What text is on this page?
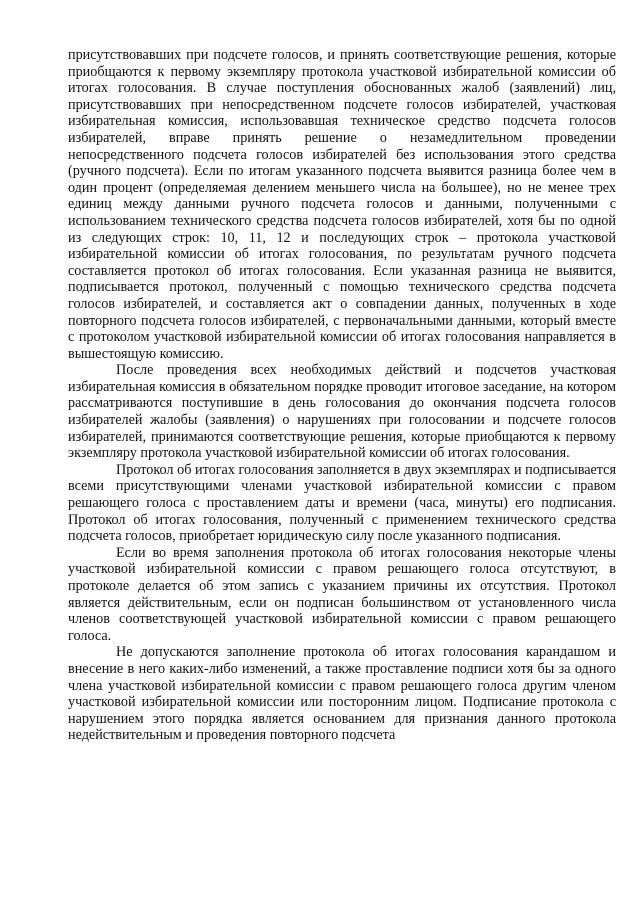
присутствовавших при подсчете голосов, и принять соответствующие решения, которые приобщаются к первому экземпляру протокола участковой избирательной комиссии об итогах голосования. В случае поступления обоснованных жалоб (заявлений) лиц, присутствовавших при непосредственном подсчете голосов избирателей, участковая избирательная комиссия, использовавшая техническое средство подсчета голосов избирателей, вправе принять решение о незамедлительном проведении непосредственного подсчета голосов избирателей без использования этого средства (ручного подсчета). Если по итогам указанного подсчета выявится разница более чем в один процент (определяемая делением меньшего числа на большее), но не менее трех единиц между данными ручного подсчета голосов и данными, полученными с использованием технического средства подсчета голосов избирателей, хотя бы по одной из следующих строк: 10, 11, 12 и последующих строк – протокола участковой избирательной комиссии об итогах голосования, по результатам ручного подсчета составляется протокол об итогах голосования. Если указанная разница не выявится, подписывается протокол, полученный с помощью технического средства подсчета голосов избирателей, и составляется акт о совпадении данных, полученных в ходе повторного подсчета голосов избирателей, с первоначальными данными, который вместе с протоколом участковой избирательной комиссии об итогах голосования направляется в вышестоящую комиссию.

После проведения всех необходимых действий и подсчетов участковая избирательная комиссия в обязательном порядке проводит итоговое заседание, на котором рассматриваются поступившие в день голосования до окончания подсчета голосов избирателей жалобы (заявления) о нарушениях при голосовании и подсчете голосов избирателей, принимаются соответствующие решения, которые приобщаются к первому экземпляру протокола участковой избирательной комиссии об итогах голосования.

Протокол об итогах голосования заполняется в двух экземплярах и подписывается всеми присутствующими членами участковой избирательной комиссии с правом решающего голоса с проставлением даты и времени (часа, минуты) его подписания. Протокол об итогах голосования, полученный с применением технического средства подсчета голосов, приобретает юридическую силу после указанного подписания.

Если во время заполнения протокола об итогах голосования некоторые члены участковой избирательной комиссии с правом решающего голоса отсутствуют, в протоколе делается об этом запись с указанием причины их отсутствия. Протокол является действительным, если он подписан большинством от установленного числа членов соответствующей участковой избирательной комиссии с правом решающего голоса.

Не допускаются заполнение протокола об итогах голосования карандашом и внесение в него каких-либо изменений, а также проставление подписи хотя бы за одного члена участковой избирательной комиссии с правом решающего голоса другим членом участковой избирательной комиссии или посторонним лицом. Подписание протокола с нарушением этого порядка является основанием для признания данного протокола недействительным и проведения повторного подсчета
